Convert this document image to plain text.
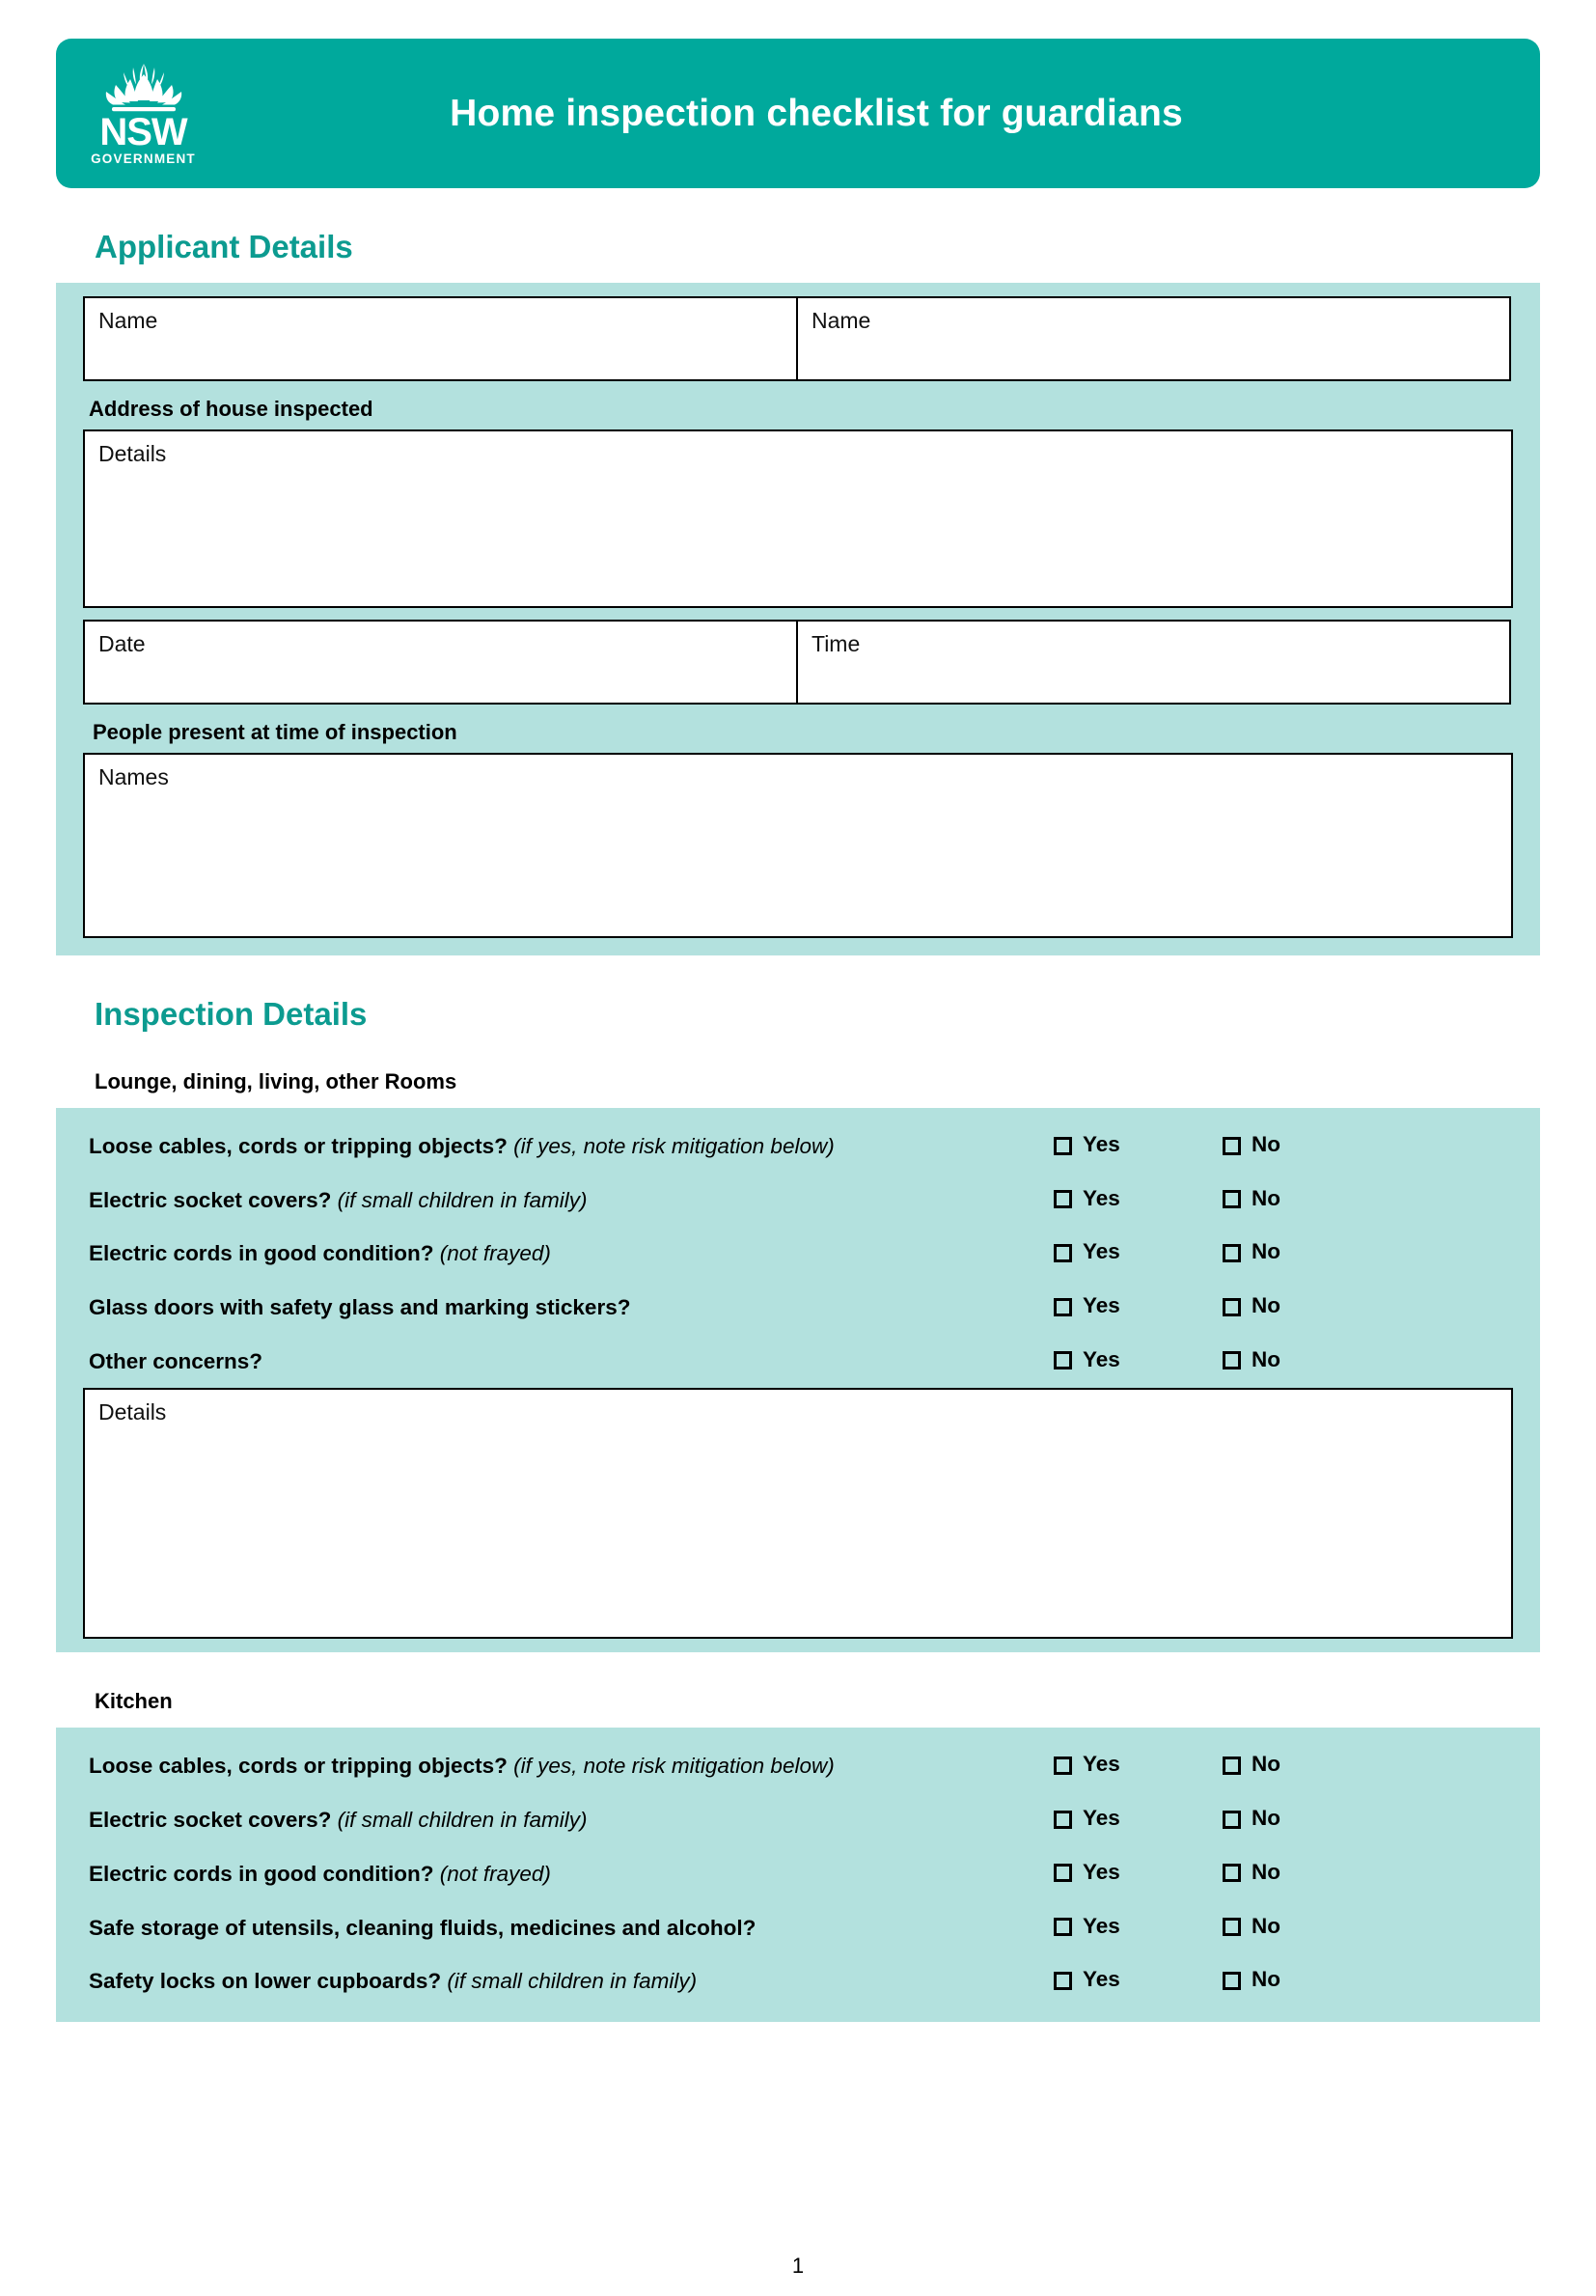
NSW
GOVERNMENT
Home inspection checklist for guardians
Applicant Details
Name	Name
Address of house inspected
Details
Date	Time
People present at time of inspection
Names
Inspection Details
Lounge, dining, living, other Rooms
Loose cables, cords or tripping objects? (if yes, note risk mitigation below)	Yes	No
Electric socket covers? (if small children in family)	Yes	No
Electric cords in good condition? (not frayed)	Yes	No
Glass doors with safety glass and marking stickers?	Yes	No
Other concerns?	Yes	No
Details
Kitchen
Loose cables, cords or tripping objects? (if yes, note risk mitigation below)	Yes	No
Electric socket covers? (if small children in family)	Yes	No
Electric cords in good condition? (not frayed)	Yes	No
Safe storage of utensils, cleaning fluids, medicines and alcohol?	Yes	No
Safety locks on lower cupboards? (if small children in family)	Yes	No
1
